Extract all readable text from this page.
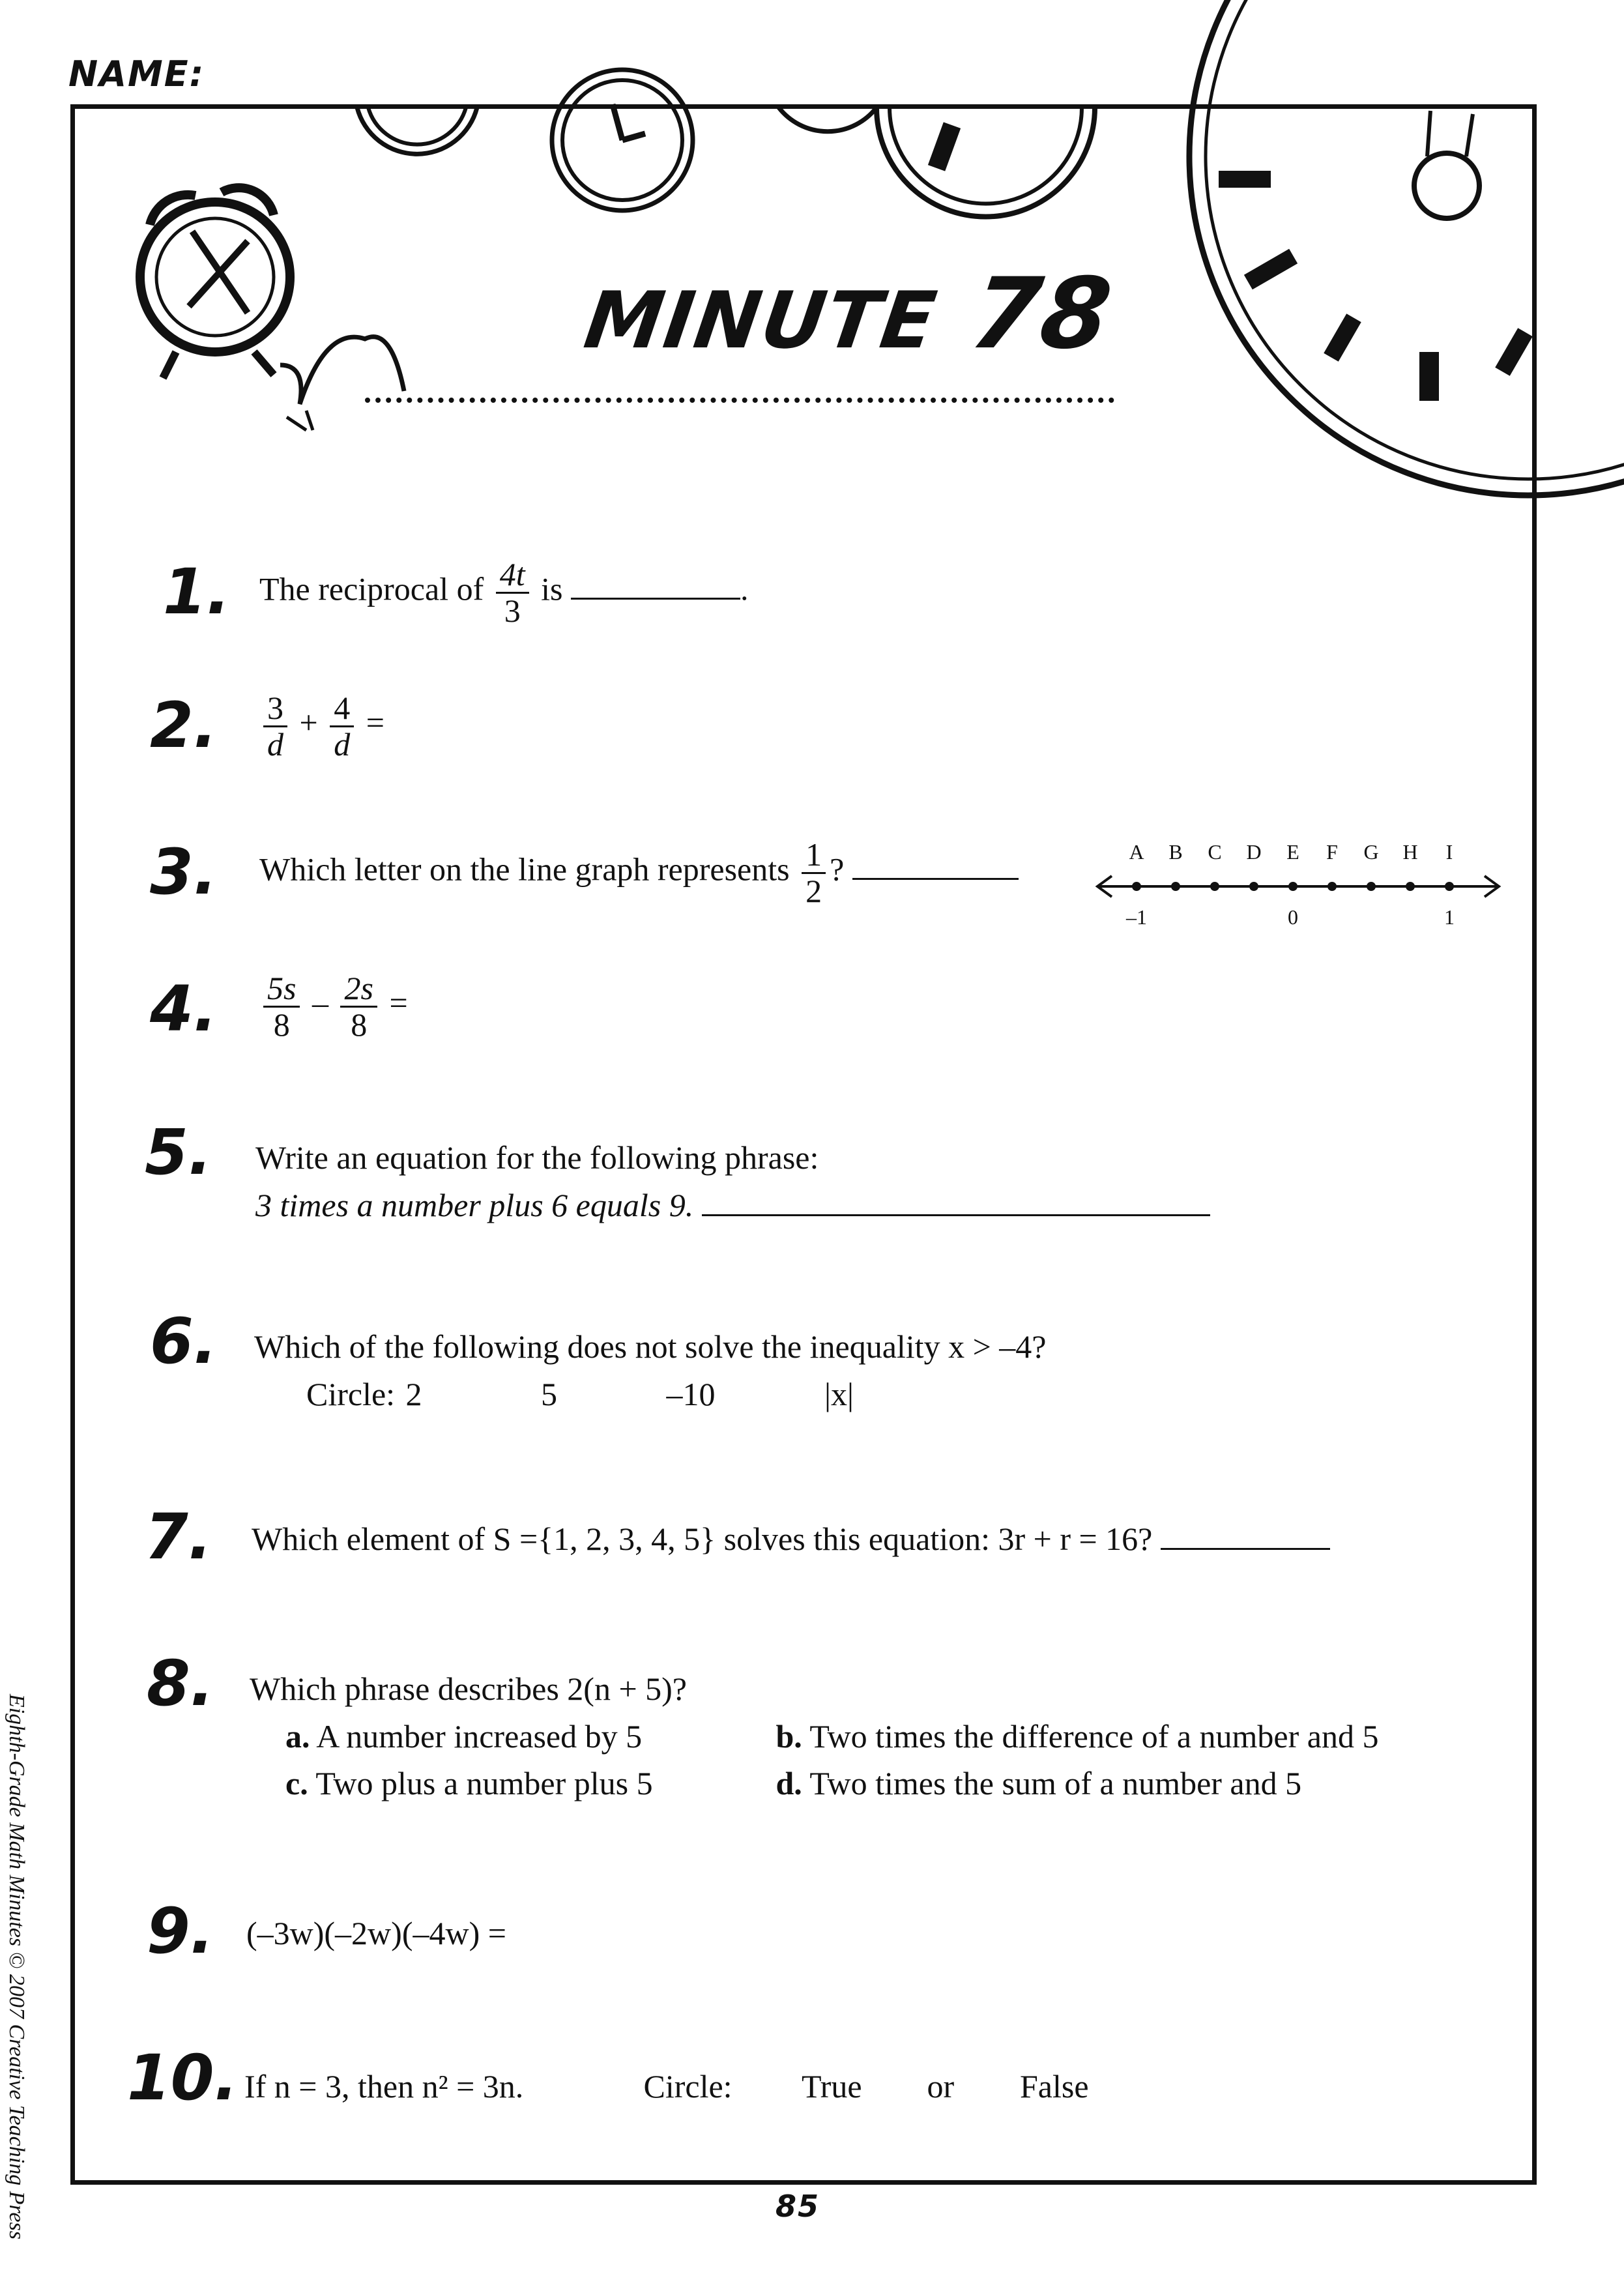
NAME:
MINUTE 78
1. The reciprocal of $\frac{4t}{3}$ is	.
2. $\frac{3}{d} + \frac{4}{d}$ =
3. Which letter on the line graph represents $\frac{1}{2}$ ?	A B C D E F G H I
–1	0	1
4. $\frac{5s}{8} - \frac{2s}{8}$ =
5. Write an equation for the following phrase:
3 times a number plus 6 equals 9.
6. Which of the following does not solve the inequality x > –4?
Circle: 2	5	–10	|x|
7. Which element of S ={1, 2, 3, 4, 5} solves this equation: 3r + r = 16?
8. Which phrase describes 2(n + 5)?
a. A number increased by 5	b. Two times the difference of a number and 5
c. Two plus a number plus 5	d. Two times the sum of a number and 5
9. (–3w)(–2w)(–4w) =
10. If n = 3, then n² = 3n.	Circle: True or False
Eighth-Grade Math Minutes © 2007 Creative Teaching Press	85
